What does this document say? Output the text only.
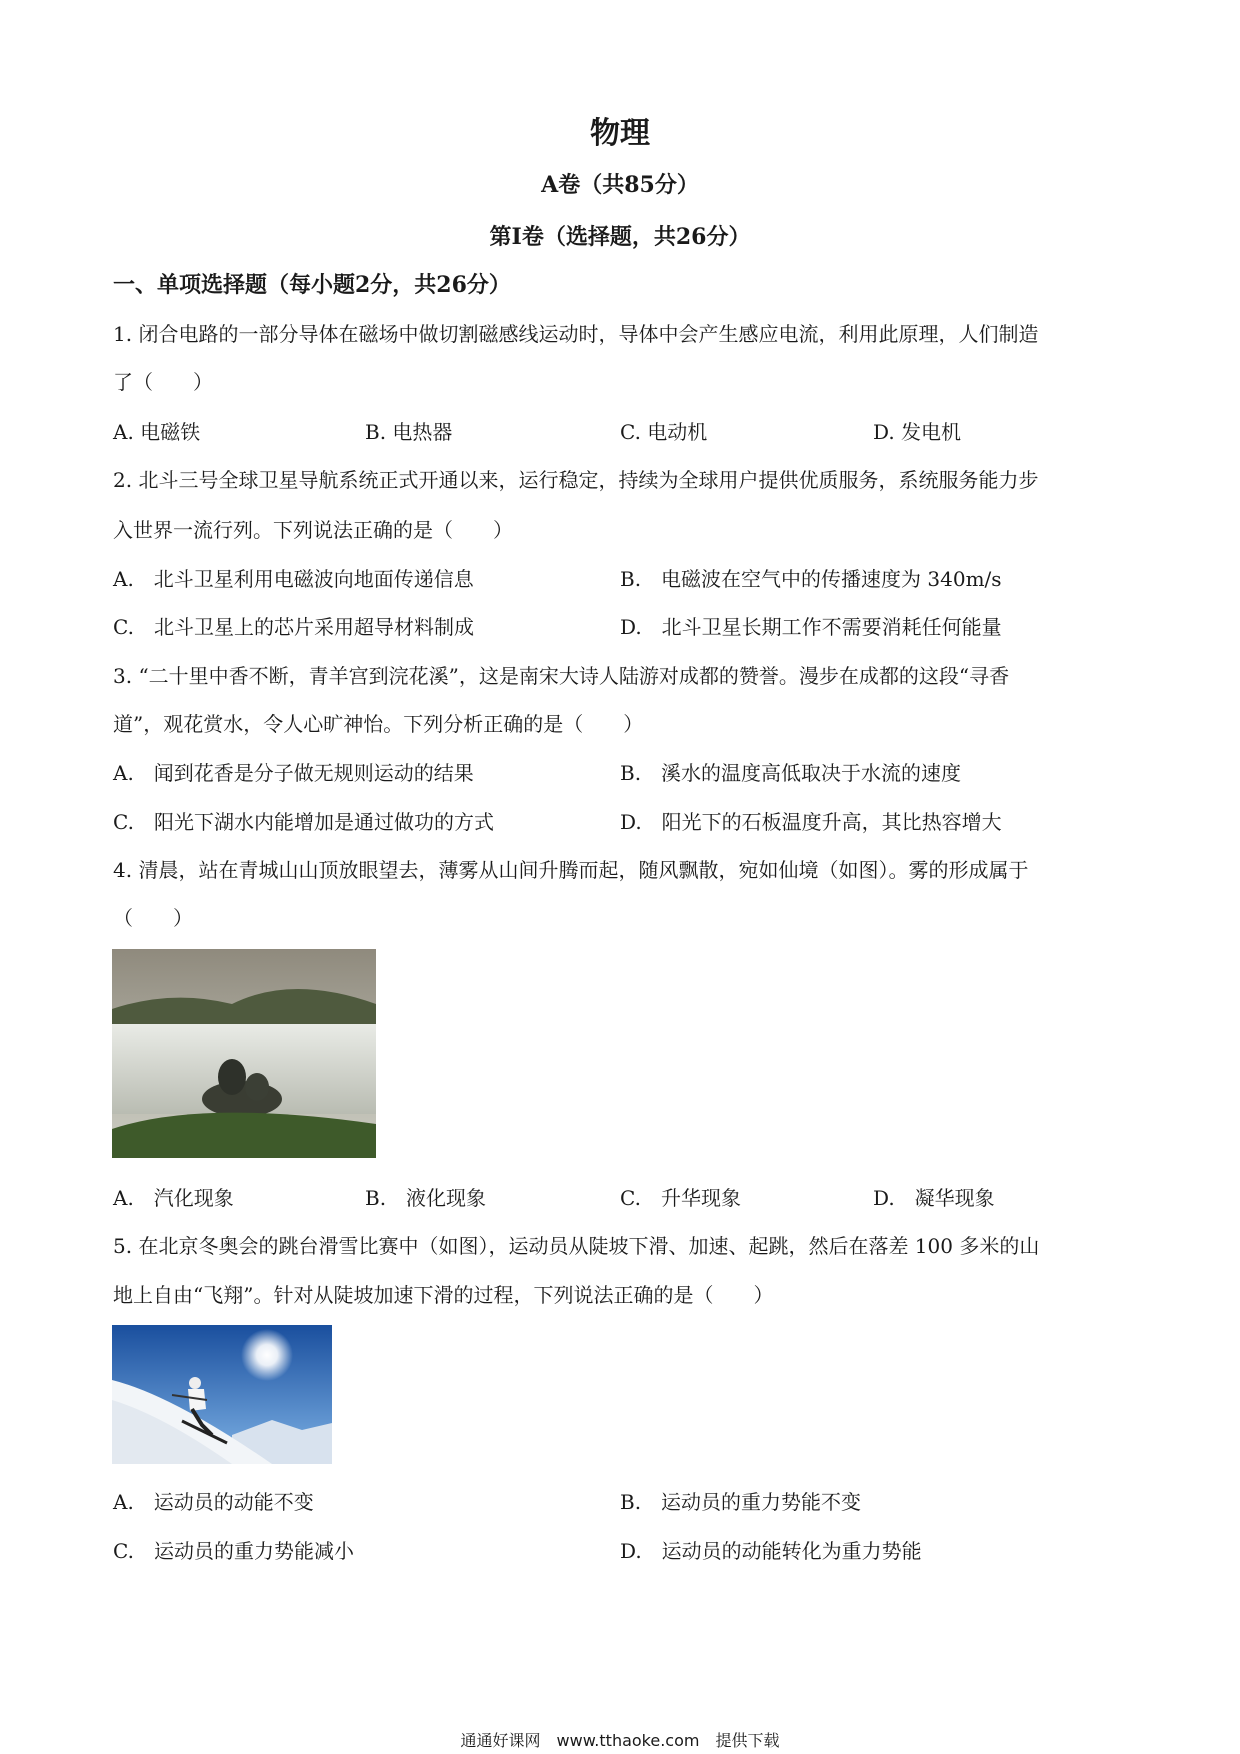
物理
A卷（共85分）
第Ⅰ卷（选择题，共26分）
一、单项选择题（每小题2分，共26分）
1. 闭合电路的一部分导体在磁场中做切割磁感线运动时，导体中会产生感应电流，利用此原理，人们制造
了（　　）
A. 电磁铁	B. 电热器	C. 电动机	D. 发电机
2. 北斗三号全球卫星导航系统正式开通以来，运行稳定，持续为全球用户提供优质服务，系统服务能力步
入世界一流行列。下列说法正确的是（　　）
A.　北斗卫星利用电磁波向地面传递信息	B.　电磁波在空气中的传播速度为 340m/s
C.　北斗卫星上的芯片采用超导材料制成	D.　北斗卫星长期工作不需要消耗任何能量
3. “二十里中香不断，青羊宫到浣花溪”，这是南宋大诗人陆游对成都的赞誉。漫步在成都的这段“寻香
道”，观花赏水，令人心旷神怡。下列分析正确的是（　　）
A.　闻到花香是分子做无规则运动的结果	B.　溪水的温度高低取决于水流的速度
C.　阳光下湖水内能增加是通过做功的方式	D.　阳光下的石板温度升高，其比热容增大
4. 清晨，站在青城山山顶放眼望去，薄雾从山间升腾而起，随风飘散，宛如仙境（如图）。雾的形成属于
（　　）
A.　汽化现象	B.　液化现象	C.　升华现象	D.　凝华现象
5. 在北京冬奥会的跳台滑雪比赛中（如图），运动员从陡坡下滑、加速、起跳，然后在落差 100 多米的山
地上自由“飞翔”。针对从陡坡加速下滑的过程，下列说法正确的是（　　）
A.　运动员的动能不变	B.　运动员的重力势能不变
C.　运动员的重力势能减小	D.　运动员的动能转化为重力势能
通通好课网　www.tthaoke.com　提供下载
